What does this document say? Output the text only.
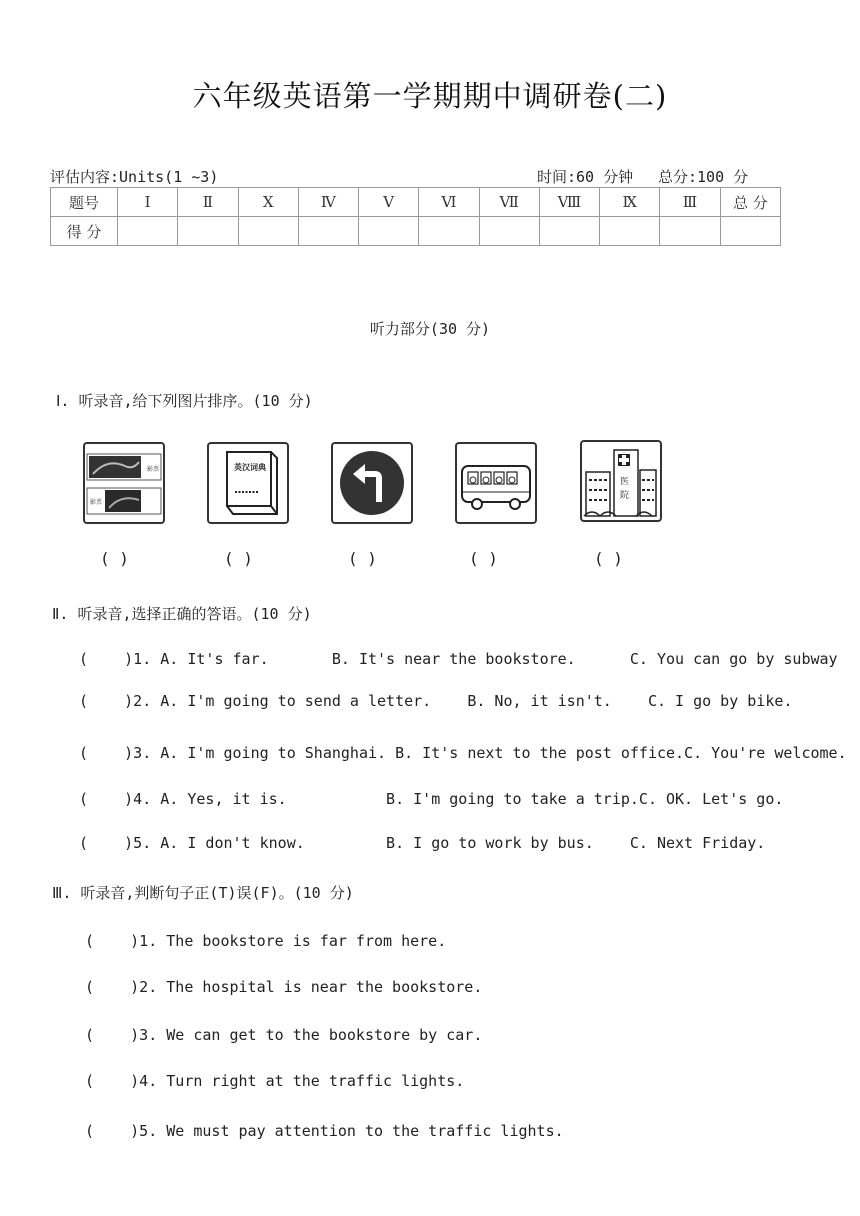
六年级英语第一学期期中调研卷(二)
评估内容:Units(1 ~3)	时间:60 分钟 总分:100 分
题号	Ⅰ	Ⅱ	Ⅹ	Ⅳ	Ⅴ	Ⅵ	Ⅶ	Ⅷ	Ⅸ	Ⅲ	总 分
得 分											
听力部分(30 分)
Ⅰ. 听录音,给下列图片排序。(10 分)
影票
影票
英汉词典
医
院
( )	( )	( )	( )	( )
Ⅱ. 听录音,选择正确的答语。(10 分)
(    )1. A. It's far.       B. It's near the bookstore.      C. You can go by subway
(    )2. A. I'm going to send a letter.    B. No, it isn't.    C. I go by bike.
(    )3. A. I'm going to Shanghai. B. It's next to the post office.C. You're welcome.
(    )4. A. Yes, it is.           B. I'm going to take a trip.C. OK. Let's go.
(    )5. A. I don't know.         B. I go to work by bus.    C. Next Friday.
Ⅲ. 听录音,判断句子正(T)误(F)。(10 分)
(    )1. The bookstore is far from here.
(    )2. The hospital is near the bookstore.
(    )3. We can get to the bookstore by car.
(    )4. Turn right at the traffic lights.
(    )5. We must pay attention to the traffic lights.
